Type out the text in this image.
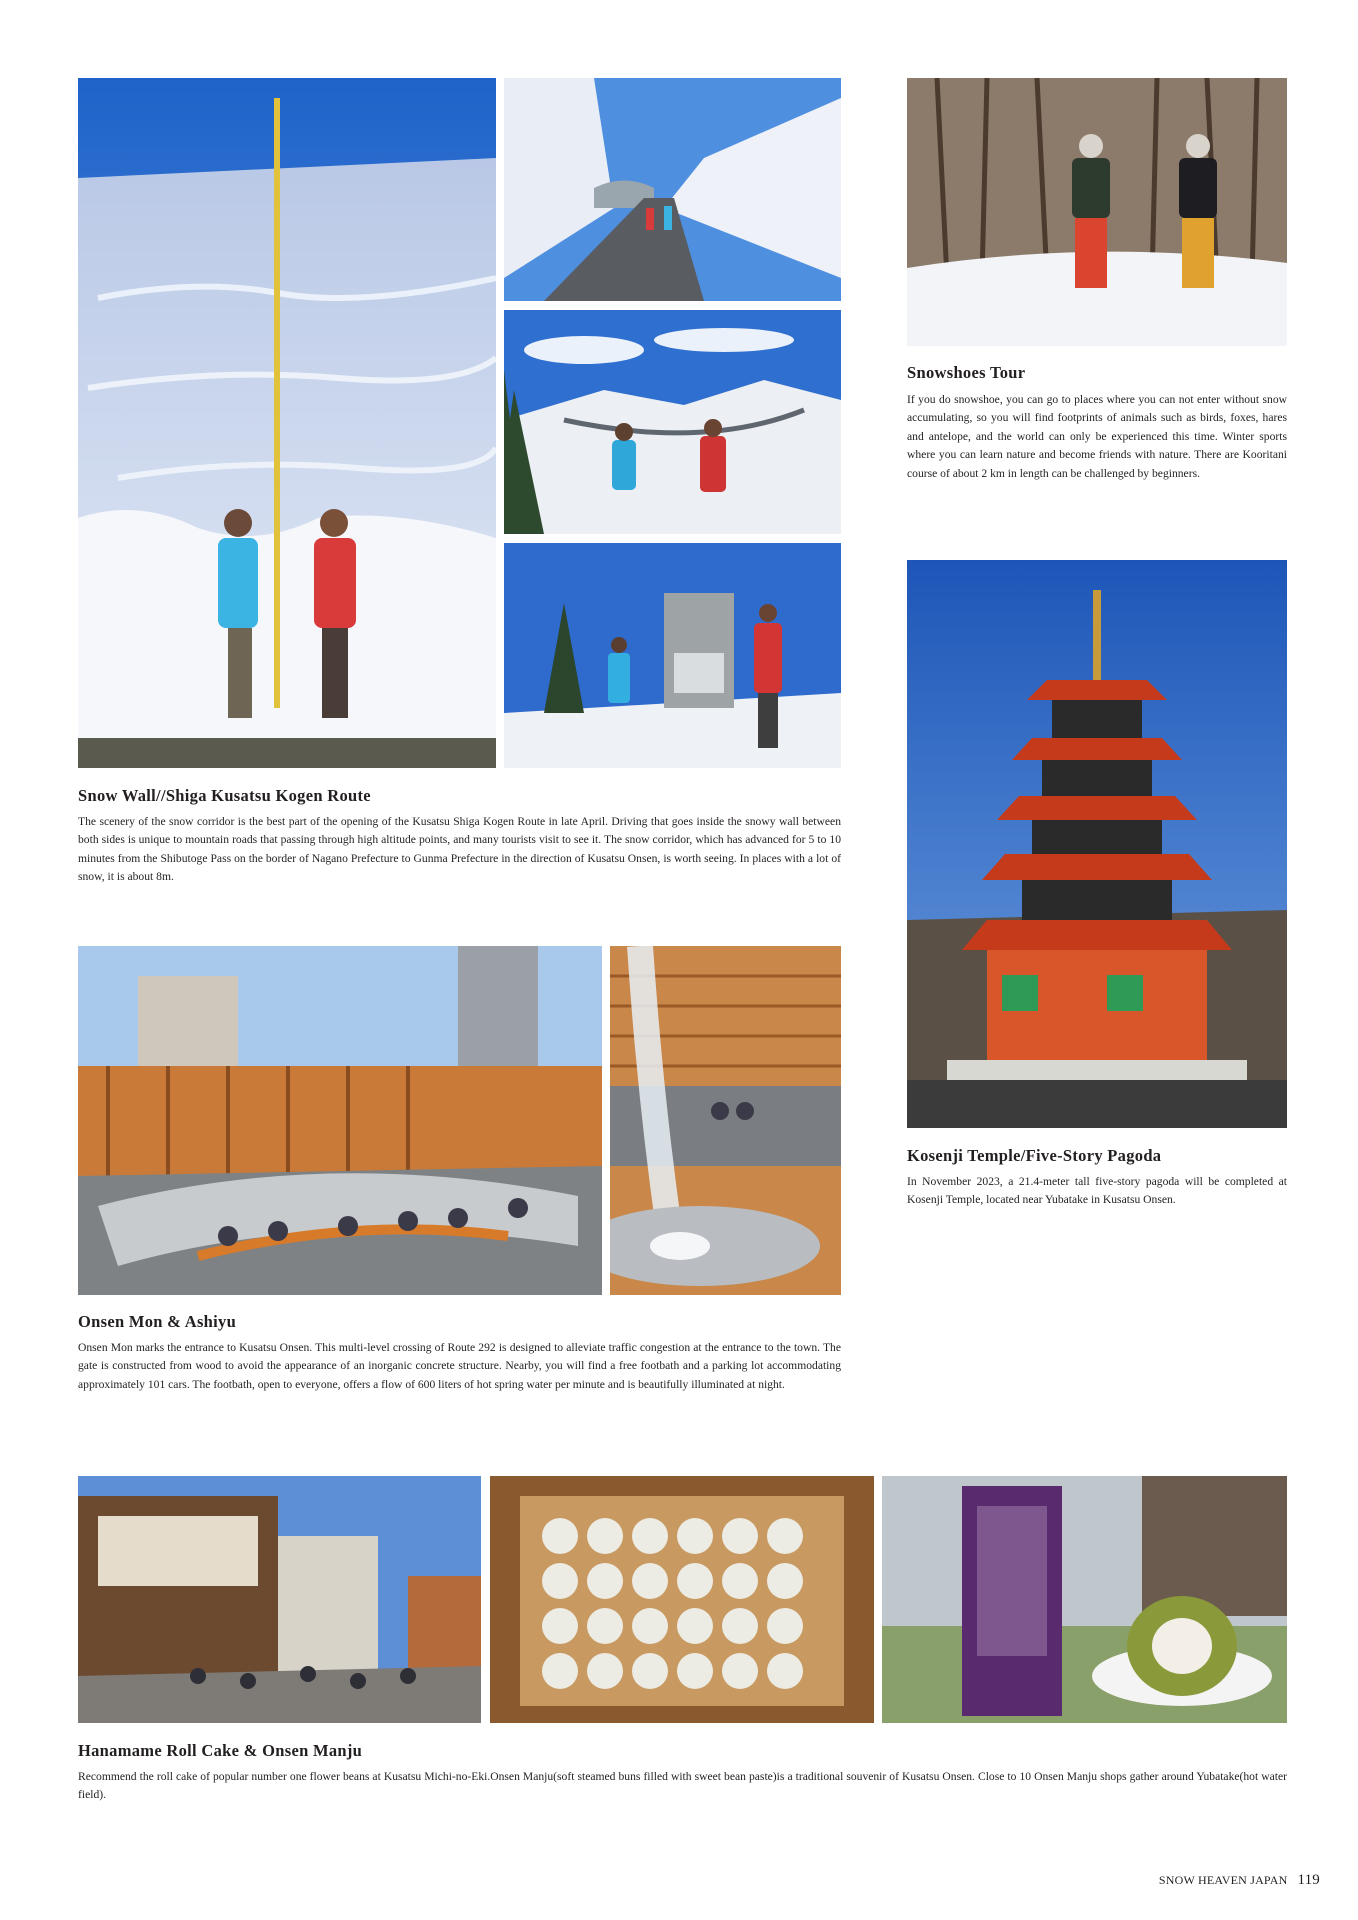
Snowshoes Tour

If you do snowshoe, you can go to places where you can not enter without snow accumulating, so you will find footprints of animals such as birds, foxes, hares and antelope, and the world can only be experienced this time. Winter sports where you can learn nature and become friends with nature. There are Kooritani course of about 2 km in length can be challenged by beginners.

Kosenji Temple/Five-Story Pagoda

In November 2023, a 21.4-meter tall five-story pagoda will be completed at Kosenji Temple, located near Yubatake in Kusatsu Onsen.

Snow Wall//Shiga Kusatsu Kogen Route

The scenery of the snow corridor is the best part of the opening of the Kusatsu Shiga Kogen Route in late April. Driving that goes inside the snowy wall between both sides is unique to mountain roads that passing through high altitude points, and many tourists visit to see it. The snow corridor, which has advanced for 5 to 10 minutes from the Shibutoge Pass on the border of Nagano Prefecture to Gunma Prefecture in the direction of Kusatsu Onsen, is worth seeing. In places with a lot of snow, it is about 8m.

Onsen Mon & Ashiyu

Onsen Mon marks the entrance to Kusatsu Onsen. This multi-level crossing of Route 292 is designed to alleviate traffic congestion at the entrance to the town. The gate is constructed from wood to avoid the appearance of an inorganic concrete structure. Nearby, you will find a free footbath and a parking lot accommodating approximately 101 cars. The footbath, open to everyone, offers a flow of 600 liters of hot spring water per minute and is beautifully illuminated at night.

Hanamame Roll Cake & Onsen Manju

Recommend the roll cake of popular number one flower beans at Kusatsu Michi-no-Eki.Onsen Manju(soft steamed buns filled with sweet bean paste)is a traditional souvenir of Kusatsu Onsen. Close to 10 Onsen Manju shops gather around Yubatake(hot water field).

SNOW HEAVEN JAPAN 119
